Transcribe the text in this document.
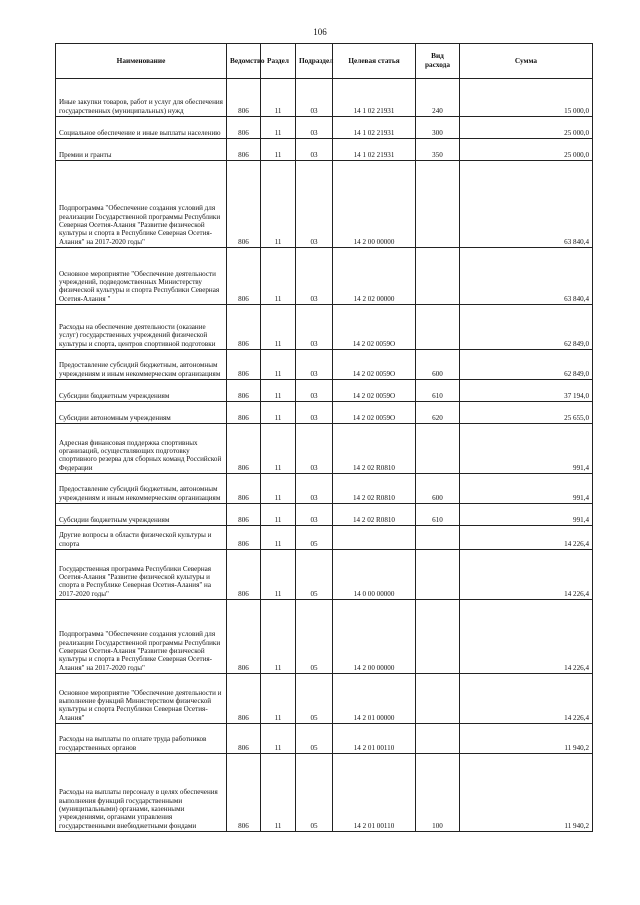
106
Наименование	Ведомство	Раздел	Подраздел	Целевая статья	Вид расхода	Сумма
Иные закупки товаров, работ и услуг для обеспечения государственных (муниципальных) нужд	806	11	03	14 1 02 21931	240	15 000,0
Социальное обеспечение и иные выплаты населению	806	11	03	14 1 02 21931	300	25 000,0
Премии и гранты	806	11	03	14 1 02 21931	350	25 000,0
Подпрограмма "Обеспечение создания условий для реализации Государственной программы Республики Северная Осетия-Алания "Развитие физической культуры и спорта в Республике Северная Осетия-Алания" на 2017-2020 годы"	806	11	03	14 2 00 00000		63 840,4
Основное мероприятие "Обеспечение деятельности учреждений, подведомственных Министерству физической культуры и спорта Республики Северная Осетия-Алания "	806	11	03	14 2 02 00000		63 840,4
Расходы на обеспечение деятельности (оказание услуг) государственных учреждений физической культуры и спорта, центров спортивной подготовки	806	11	03	14 2 02 0059О		62 849,0
Предоставление субсидий бюджетным, автономным учреждениям и иным некоммерческим организациям	806	11	03	14 2 02 0059О	600	62 849,0
Субсидии бюджетным учреждениям	806	11	03	14 2 02 0059О	610	37 194,0
Субсидии автономным учреждениям	806	11	03	14 2 02 0059О	620	25 655,0
Адресная финансовая поддержка спортивных организаций, осуществляющих подготовку спортивного резерва для сборных команд Российской Федерации	806	11	03	14 2 02 R0810		991,4
Предоставление субсидий бюджетным, автономным учреждениям и иным некоммерческим организациям	806	11	03	14 2 02 R0810	600	991,4
Субсидии бюджетным учреждениям	806	11	03	14 2 02 R0810	610	991,4
Другие вопросы в области физической культуры и спорта	806	11	05			14 226,4
Государственная программа Республики Северная Осетия-Алания "Развитие физической культуры и спорта в Республике Северная Осетия-Алания" на 2017-2020 годы"	806	11	05	14 0 00 00000		14 226,4
Подпрограмма "Обеспечение создания условий для реализации Государственной программы Республики Северная Осетия-Алания "Развитие физической культуры и спорта в Республике Северная Осетия-Алания" на 2017-2020 годы"	806	11	05	14 2 00 00000		14 226,4
Основное мероприятие "Обеспечение деятельности и выполнение функций Министерством физической культуры и спорта Республики Северная Осетия-Алания"	806	11	05	14 2 01 00000		14 226,4
Расходы на выплаты по оплате труда работников государственных органов	806	11	05	14 2 01 00110		11 940,2
Расходы на выплаты персоналу в целях обеспечения выполнения функций государственными (муниципальными) органами, казенными учреждениями, органами управления государственными внебюджетными фондами	806	11	05	14 2 01 00110	100	11 940,2
